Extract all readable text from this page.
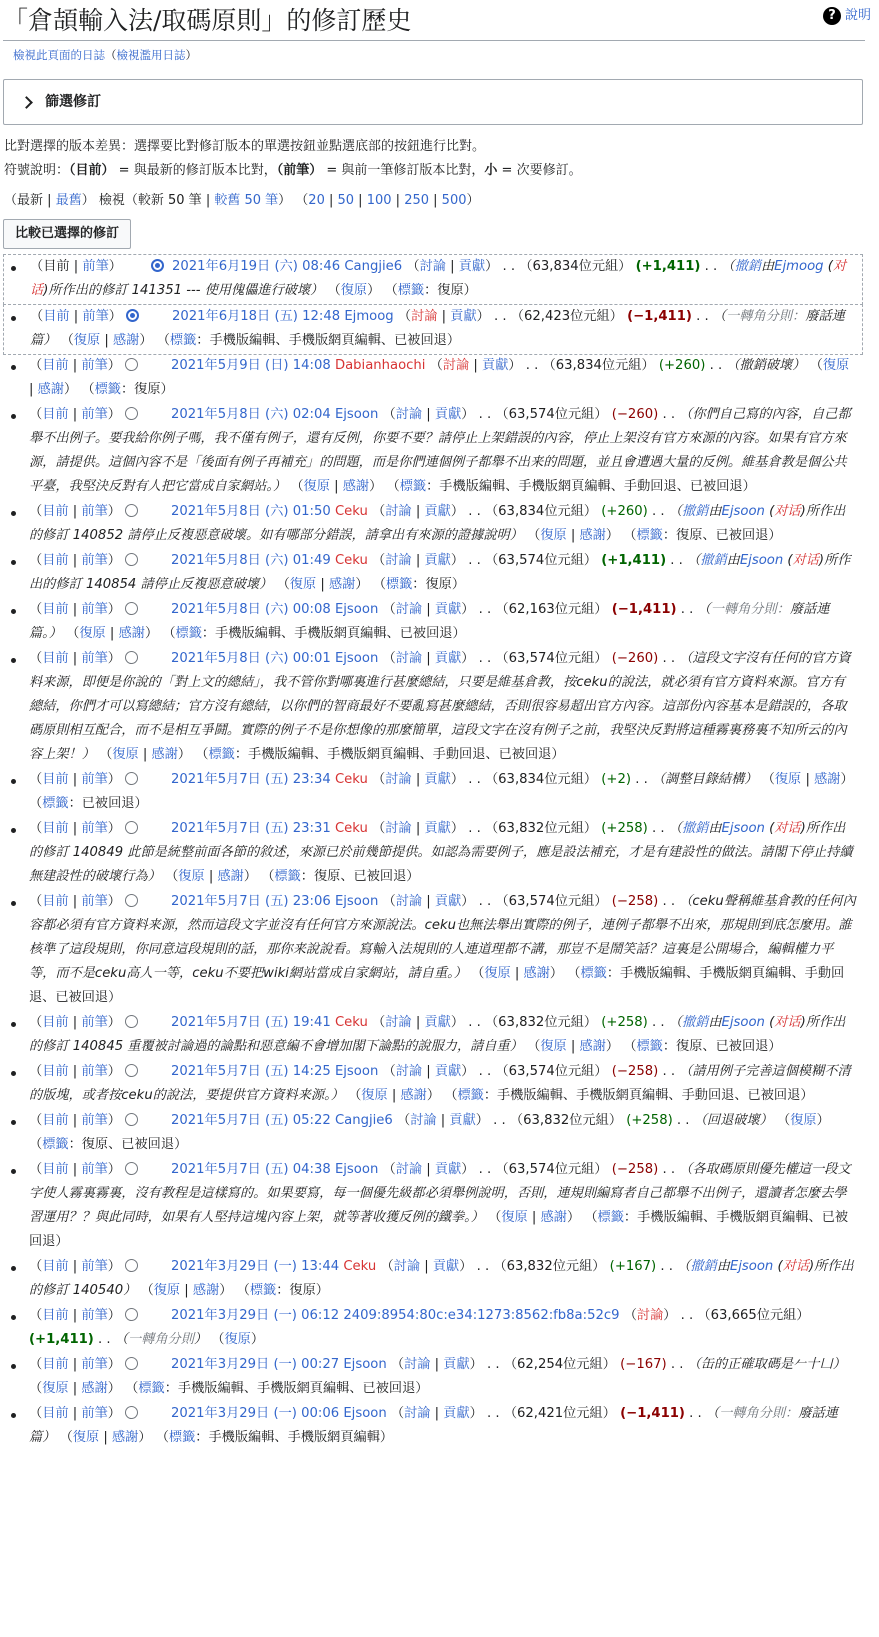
「倉頡輸入法/取碼原則」的修訂歷史	? 說明
檢視此頁面的日誌（檢視濫用日誌）
篩選修訂
比對選擇的版本差異：選擇要比對修訂版本的單選按鈕並點選底部的按鈕進行比對。
符號說明：（目前） = 與最新的修訂版本比對，（前筆） = 與前一筆修訂版本比對，小 = 次要修訂。
（最新 | 最舊） 檢視（較新 50 筆 | 較舊 50 筆） （20 | 50 | 100 | 250 | 500）
比較已選擇的修訂
（目前 | 前筆）	2021年6月19日 (六) 08:46 Cangjie6 （討論 | 貢獻） . . （63,834位元組） (+1,411) . . （撤銷由Ejmoog (对话)所作出的修訂 141351 --- 使用傀儡進行破壞） （復原） （標籤：復原）
（目前 | 前筆）	2021年6月18日 (五) 12:48 Ejmoog （討論 | 貢獻） . . （62,423位元組） (−1,411) . . （一轉角分則：廢話連篇） （復原 | 感謝） （標籤：手機版編輯、手機版網頁編輯、已被回退）
（目前 | 前筆）	2021年5月9日 (日) 14:08 Dabianhaochi （討論 | 貢獻） . . （63,834位元組） (+260) . . （撤銷破壞） （復原 | 感謝） （標籤：復原）
（目前 | 前筆）	2021年5月8日 (六) 02:04 Ejsoon （討論 | 貢獻） . . （63,574位元組） (−260) . . （你們自己寫的內容，自己都舉不出例子。要我給你例子嗎，我不僅有例子，還有反例，你要不要？請停止上架錯誤的內容，停止上架沒有官方來源的內容。如果有官方來源，請提供。這個內容不是「後面有例子再補充」的問題，而是你們連個例子都舉不出来的問題，並且會遭遇大量的反例。維基倉教是個公共平臺，我堅決反對有人把它當成自家網站。） （復原 | 感謝） （標籤：手機版編輯、手機版網頁編輯、手動回退、已被回退）
（目前 | 前筆）	2021年5月8日 (六) 01:50 Ceku （討論 | 貢獻） . . （63,834位元組） (+260) . . （撤銷由Ejsoon (对话)所作出的修訂 140852 請停止反複惡意破壞。如有哪部分錯誤，請拿出有來源的證據說明） （復原 | 感謝） （標籤：復原、已被回退）
（目前 | 前筆）	2021年5月8日 (六) 01:49 Ceku （討論 | 貢獻） . . （63,574位元組） (+1,411) . . （撤銷由Ejsoon (对话)所作出的修訂 140854 請停止反複惡意破壞） （復原 | 感謝） （標籤：復原）
（目前 | 前筆）	2021年5月8日 (六) 00:08 Ejsoon （討論 | 貢獻） . . （62,163位元組） (−1,411) . . （一轉角分則：廢話連篇。） （復原 | 感謝） （標籤：手機版編輯、手機版網頁編輯、已被回退）
（目前 | 前筆）	2021年5月8日 (六) 00:01 Ejsoon （討論 | 貢獻） . . （63,574位元組） (−260) . . （這段文字沒有任何的官方資料来源，即便是你說的「對上文的總結」，我不管你對哪裏進行甚麼總結，只要是維基倉教，按ceku的說法，就必須有官方資料來源。官方有總結，你們才可以寫總結；官方沒有總結，以你們的智商最好不要亂寫甚麼總結，否則很容易超出官方內容。這部份內容基本是錯誤的，各取碼原則相互配合，而不是相互爭鬪。實際的例子不是你想像的那麼簡單，這段文字在沒有例子之前，我堅決反對將這種霧裏務裏不知所云的內容上架！） （復原 | 感謝） （標籤：手機版編輯、手機版網頁編輯、手動回退、已被回退）
（目前 | 前筆）	2021年5月7日 (五) 23:34 Ceku （討論 | 貢獻） . . （63,834位元組） (+2) . . （調整目錄結構） （復原 | 感謝） （標籤：已被回退）
（目前 | 前筆）	2021年5月7日 (五) 23:31 Ceku （討論 | 貢獻） . . （63,832位元組） (+258) . . （撤銷由Ejsoon (对话)所作出的修訂 140849 此節是統整前面各節的敘述，來源已於前幾節提供。如認為需要例子，應是設法補充，才是有建設性的做法。請閣下停止持續無建設性的破壞行為） （復原 | 感謝） （標籤：復原、已被回退）
（目前 | 前筆）	2021年5月7日 (五) 23:06 Ejsoon （討論 | 貢獻） . . （63,574位元組） (−258) . . （ceku聲稱維基倉教的任何內容都必須有官方資料来源，然而這段文字並沒有任何官方來源說法。ceku也無法舉出實際的例子，連例子都舉不出來，那規則到底怎麼用。誰核準了這段規則，你同意這段規則的話，那你来說說看。寫輸入法規則的人連道理都不講，那豈不是鬧笑話？這裏是公開場合，編輯權力平等，而不是ceku高人一等，ceku不要把wiki網站當成自家網站，請自重。） （復原 | 感謝） （標籤：手機版編輯、手機版網頁編輯、手動回退、已被回退）
（目前 | 前筆）	2021年5月7日 (五) 19:41 Ceku （討論 | 貢獻） . . （63,832位元組） (+258) . . （撤銷由Ejsoon (对话)所作出的修訂 140845 重覆被討論過的論點和惡意編不會增加閣下論點的說服力，請自重） （復原 | 感謝） （標籤：復原、已被回退）
（目前 | 前筆）	2021年5月7日 (五) 14:25 Ejsoon （討論 | 貢獻） . . （63,574位元組） (−258) . . （請用例子完善這個模糊不清的版塊，或者按ceku的說法，要提供官方資料来源。） （復原 | 感謝） （標籤：手機版編輯、手機版網頁編輯、手動回退、已被回退）
（目前 | 前筆）	2021年5月7日 (五) 05:22 Cangjie6 （討論 | 貢獻） . . （63,832位元組） (+258) . . （回退破壞） （復原） （標籤：復原、已被回退）
（目前 | 前筆）	2021年5月7日 (五) 04:38 Ejsoon （討論 | 貢獻） . . （63,574位元組） (−258) . . （各取碼原則優先權這一段文字使人霧裏霧裏，沒有教程是這樣寫的。如果要寫，每一個優先級都必須舉例說明，否則，連規則編寫者自己都舉不出例子，還讀者怎麼去學習運用？？與此同時，如果有人堅持這塊內容上架，就等著收獲反例的鐵拳。） （復原 | 感謝） （標籤：手機版編輯、手機版網頁編輯、已被回退）
（目前 | 前筆）	2021年3月29日 (一) 13:44 Ceku （討論 | 貢獻） . . （63,832位元組） (+167) . . （撤銷由Ejsoon (对话)所作出的修訂 140540） （復原 | 感謝） （標籤：復原）
（目前 | 前筆）	2021年3月29日 (一) 06:12 2409:8954:80c:e34:1273:8562:fb8a:52c9 （討論） . . （63,665位元組） (+1,411) . . （一轉角分則） （復原）
（目前 | 前筆）	2021年3月29日 (一) 00:27 Ejsoon （討論 | 貢獻） . . （62,254位元組） (−167) . . （缶的正確取碼是𠂉十凵） （復原 | 感謝） （標籤：手機版編輯、手機版網頁編輯、已被回退）
（目前 | 前筆）	2021年3月29日 (一) 00:06 Ejsoon （討論 | 貢獻） . . （62,421位元組） (−1,411) . . （一轉角分則：廢話連篇） （復原 | 感謝） （標籤：手機版編輯、手機版網頁編輯）
